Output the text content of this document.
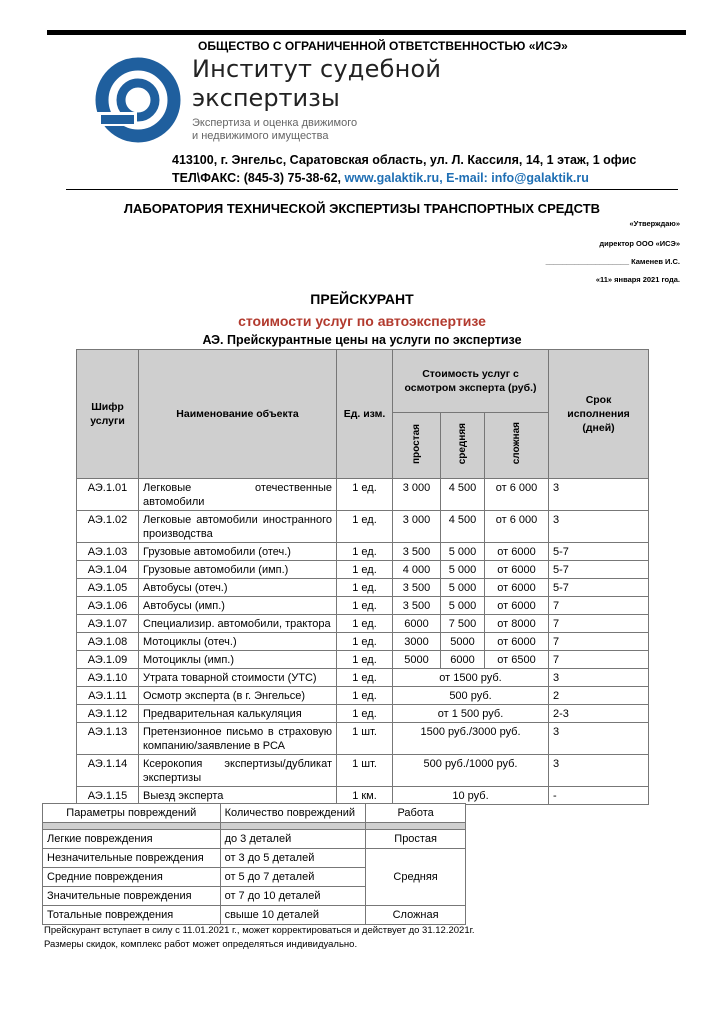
ОБЩЕСТВО С ОГРАНИЧЕННОЙ ОТВЕТСТВЕННОСТЬЮ «ИСЭ»
Институт судебной
экспертизы
Экспертиза и оценка движимого
и недвижимого имущества
413100, г. Энгельс, Саратовская область, ул. Л. Кассиля, 14, 1 этаж, 1 офис
ТЕЛ\ФАКС: (845-3) 75-38-62, www.galaktik.ru, E-mail: info@galaktik.ru
ЛАБОРАТОРИЯ ТЕХНИЧЕСКОЙ ЭКСПЕРТИЗЫ ТРАНСПОРТНЫХ СРЕДСТВ
«Утверждаю»
директор ООО «ИСЭ»
____________________ Каменев И.С.
«11» января 2021 года.
ПРЕЙСКУРАНТ
стоимости услуг по автоэкспертизе
АЭ. Прейскурантные цены на услуги по экспертизе
Шифр услуги	Наименование объекта	Ед. изм.	Стоимость услуг с осмотром эксперта (руб.)			Срок исполнения (дней)
			простая	средняя	сложная	
АЭ.1.01	Легковые отечественные автомобили	1 ед.	3 000	4 500	от 6 000	3
АЭ.1.02	Легковые автомобили иностранного производства	1 ед.	3 000	4 500	от 6 000	3
АЭ.1.03	Грузовые автомобили (отеч.)	1 ед.	3 500	5 000	от 6000	5-7
АЭ.1.04	Грузовые автомобили (имп.)	1 ед.	4 000	5 000	от 6000	5-7
АЭ.1.05	Автобусы (отеч.)	1 ед.	3 500	5 000	от 6000	5-7
АЭ.1.06	Автобусы (имп.)	1 ед.	3 500	5 000	от 6000	7
АЭ.1.07	Специализир. автомобили, трактора	1 ед.	6000	7 500	от 8000	7
АЭ.1.08	Мотоциклы (отеч.)	1 ед.	3000	5000	от 6000	7
АЭ.1.09	Мотоциклы (имп.)	1 ед.	5000	6000	от 6500	7
АЭ.1.10	Утрата товарной стоимости (УТС)	1 ед.	от 1500 руб.			3
АЭ.1.11	Осмотр эксперта (в г. Энгельсе)	1 ед.	500 руб.			2
АЭ.1.12	Предварительная калькуляция	1 ед.	от 1 500 руб.			2-3
АЭ.1.13	Претензионное письмо в страховую компанию/заявление в РСА	1 шт.	1500 руб./3000 руб.			3
АЭ.1.14	Ксерокопия экспертизы/дубликат экспертизы	1 шт.	500 руб./1000 руб.			3
АЭ.1.15	Выезд эксперта	1 км.	10 руб.			-
Параметры повреждений	Количество повреждений	Работа

Легкие повреждения	до 3 деталей	Простая
Незначительные повреждения	от 3 до 5 деталей	Средняя
Средние повреждения	от 5 до 7 деталей	
Значительные повреждения	от 7 до 10 деталей	
Тотальные повреждения	свыше 10 деталей	Сложная
Прейскурант вступает в силу с 11.01.2021 г., может корректироваться и действует до 31.12.2021г.
Размеры скидок, комплекс работ может определяться индивидуально.
